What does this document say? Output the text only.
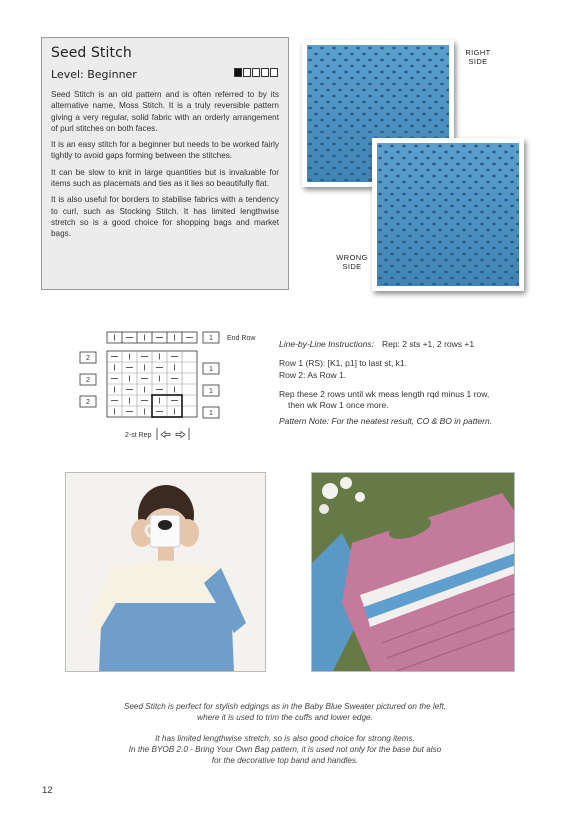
Seed Stitch
Level: Beginner

Seed Stitch is an old pattern and is often referred to by its alternative name, Moss Stitch. It is a truly reversible pattern giving a very regular, solid fabric with an orderly arrangement of purl stitches on both faces.

It is an easy stitch for a beginner but needs to be worked fairly tightly to avoid gaps forming between the stitches.

It can be slow to knit in large quantities but is invaluable for items such as placemats and ties as it lies so beautifully flat.

It is also useful for borders to stabilise fabrics with a tendency to curl, such as Stocking Stitch. It has limited lengthwise stretch so is a good choice for shopping bags and market bags.

RIGHT
SIDE
WRONG
SIDE
1 End Row
2
2
2
1
1
1
2-st Rep
Line-by-Line Instructions: Rep: 2 sts +1, 2 rows +1
Row 1 (RS): [K1, p1] to last st, k1.
Row 2: As Row 1.
Rep these 2 rows until wk meas length rqd minus 1 row,
then wk Row 1 once more.
Pattern Note: For the neatest result, CO & BO in pattern.
Seed Stitch is perfect for stylish edgings as in the Baby Blue Sweater pictured on the left,
where it is used to trim the cuffs and lower edge.
It has limited lengthwise stretch, so is also good choice for strong items.
In the BYOB 2.0 - Bring Your Own Bag pattern, it is used not only for the base but also
for the decorative top band and handles.
12
